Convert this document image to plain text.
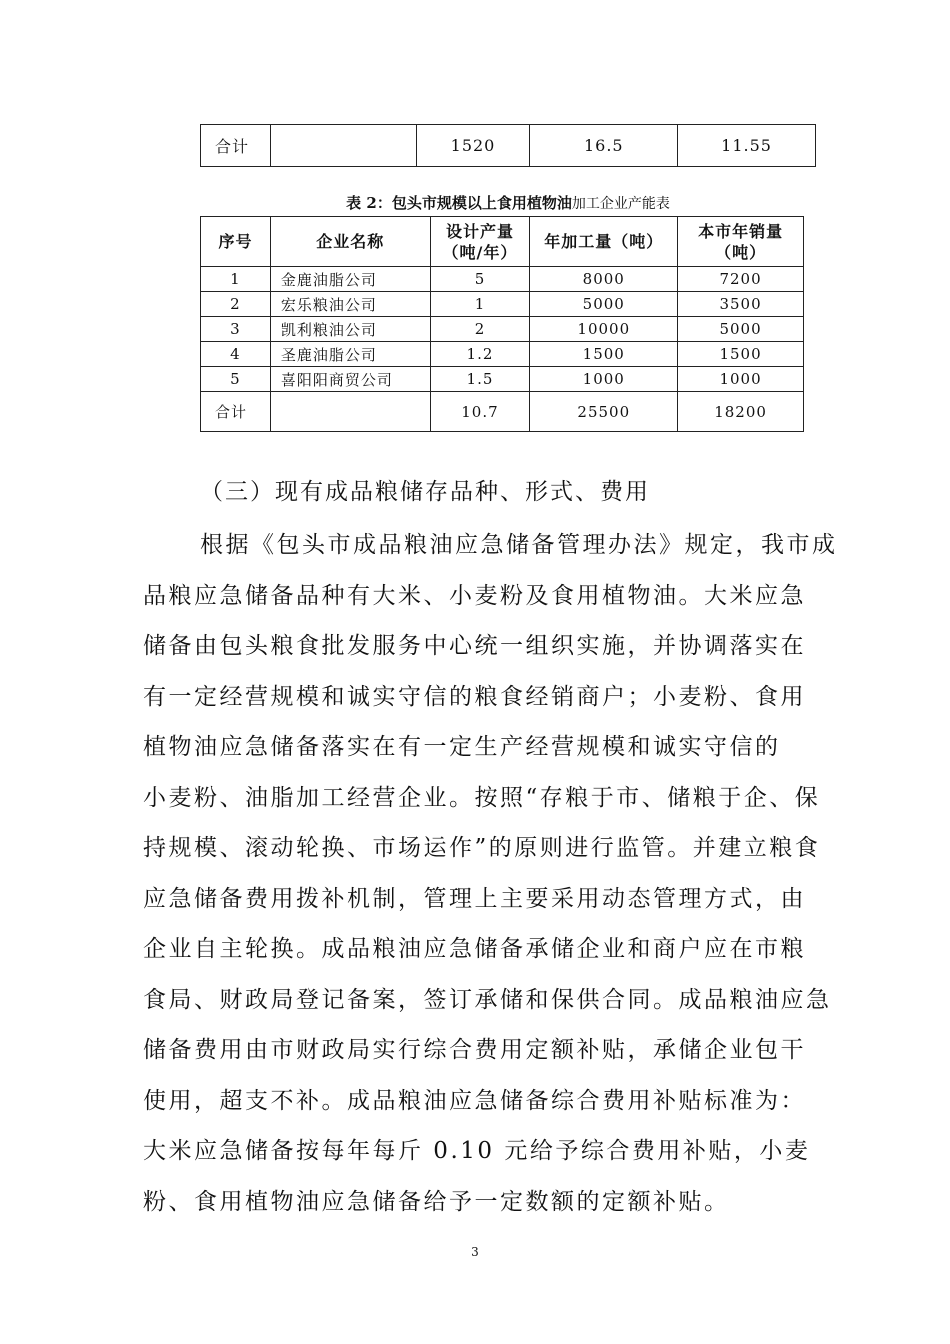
合计		1520	16.5	11.55
表 2：包头市规模以上食用植物油加工企业产能表
序号	企业名称	设计产量（吨/年）	年加工量（吨）	本市年销量（吨）
1	金鹿油脂公司	5	8000	7200
2	宏乐粮油公司	1	5000	3500
3	凯利粮油公司	2	10000	5000
4	圣鹿油脂公司	1.2	1500	1500
5	喜阳阳商贸公司	1.5	1000	1000
合计		10.7	25500	18200
（三）现有成品粮储存品种、形式、费用
根据《包头市成品粮油应急储备管理办法》规定，我市成
品粮应急储备品种有大米、小麦粉及食用植物油。大米应急
储备由包头粮食批发服务中心统一组织实施，并协调落实在
有一定经营规模和诚实守信的粮食经销商户；小麦粉、食用
植物油应急储备落实在有一定生产经营规模和诚实守信的
小麦粉、油脂加工经营企业。按照“存粮于市、储粮于企、保
持规模、滚动轮换、市场运作”的原则进行监管。并建立粮食
应急储备费用拨补机制，管理上主要采用动态管理方式，由
企业自主轮换。成品粮油应急储备承储企业和商户应在市粮
食局、财政局登记备案，签订承储和保供合同。成品粮油应急
储备费用由市财政局实行综合费用定额补贴，承储企业包干
使用，超支不补。成品粮油应急储备综合费用补贴标准为：
大米应急储备按每年每斤 0.10 元给予综合费用补贴，小麦
粉、食用植物油应急储备给予一定数额的定额补贴。
3
